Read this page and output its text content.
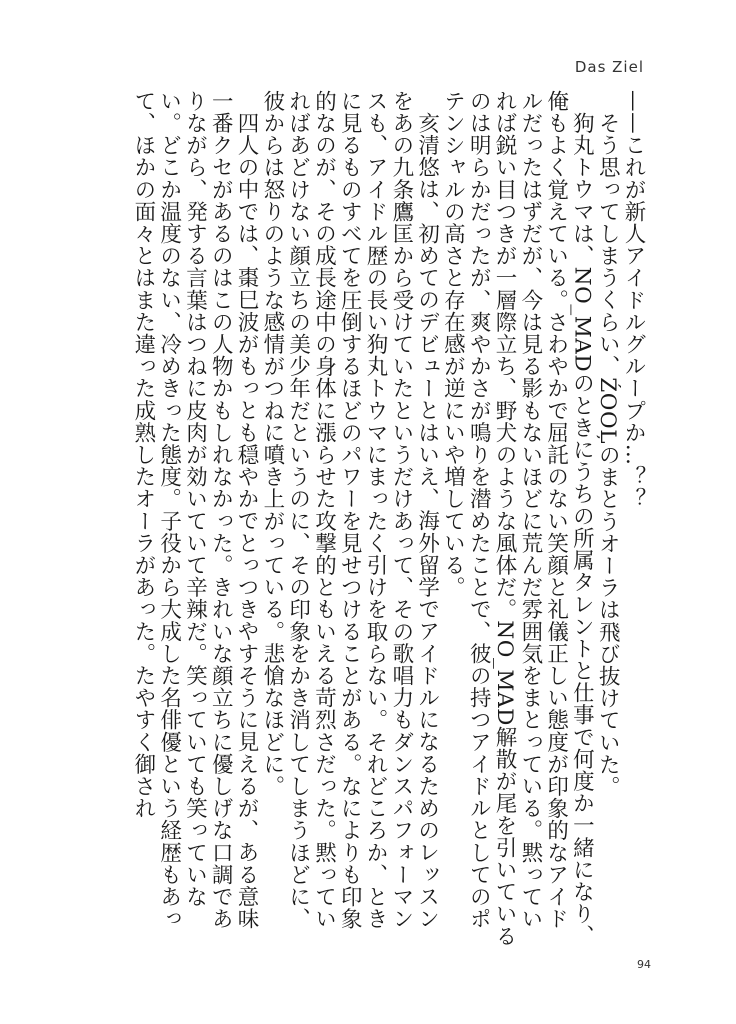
Das Ziel

——これが新人アイドルグループか…？？

そう思ってしまうくらい、ŹOOĻのまとうオーラは飛び抜けていた。

狗丸トウマは、NO_MADのときにうちの所属タレントと仕事で何度か一緒になり、俺もよく覚えている。さわやかで屈託のない笑顔と礼儀正しい態度が印象的なアイドルだったはずだが、今は見る影もないほどに荒んだ雰囲気をまとっている。黙っていれば鋭い目つきが一層際立ち、野犬のような風体だ。NO_MAD解散が尾を引いているのは明らかだったが、爽やかさが鳴りを潜めたことで、彼の持つアイドルとしてのポテンシャルの高さと存在感が逆にいや増している。

亥清悠は、初めてのデビューとはいえ、海外留学でアイドルになるためのレッスンをあの九条鷹匡から受けていたというだけあって、その歌唱力もダンスパフォーマンスも、アイドル歴の長い狗丸トウマにまったく引けを取らない。それどころか、ときに見るものすべてを圧倒するほどのパワーを見せつけることがある。なによりも印象的なのが、その成長途中の身体に漲らせた攻撃的ともいえる苛烈さだった。黙っていればあどけない顔立ちの美少年だというのに、その印象をかき消してしまうほどに、彼からは怒りのような感情がつねに噴き上がっている。悲愴なほどに。

四人の中では、棗巳波がもっとも穏やかでとっつきやすそうに見えるが、ある意味一番クセがあるのはこの人物かもしれなかった。きれいな顔立ちに優しげな口調でありながら、発する言葉はつねに皮肉が効いていて辛辣だ。笑っていても笑っていない。どこか温度のない、冷めきった態度。子役から大成した名俳優という経歴もあって、ほかの面々とはまた違った成熟したオーラがあった。たやすく御され

94
